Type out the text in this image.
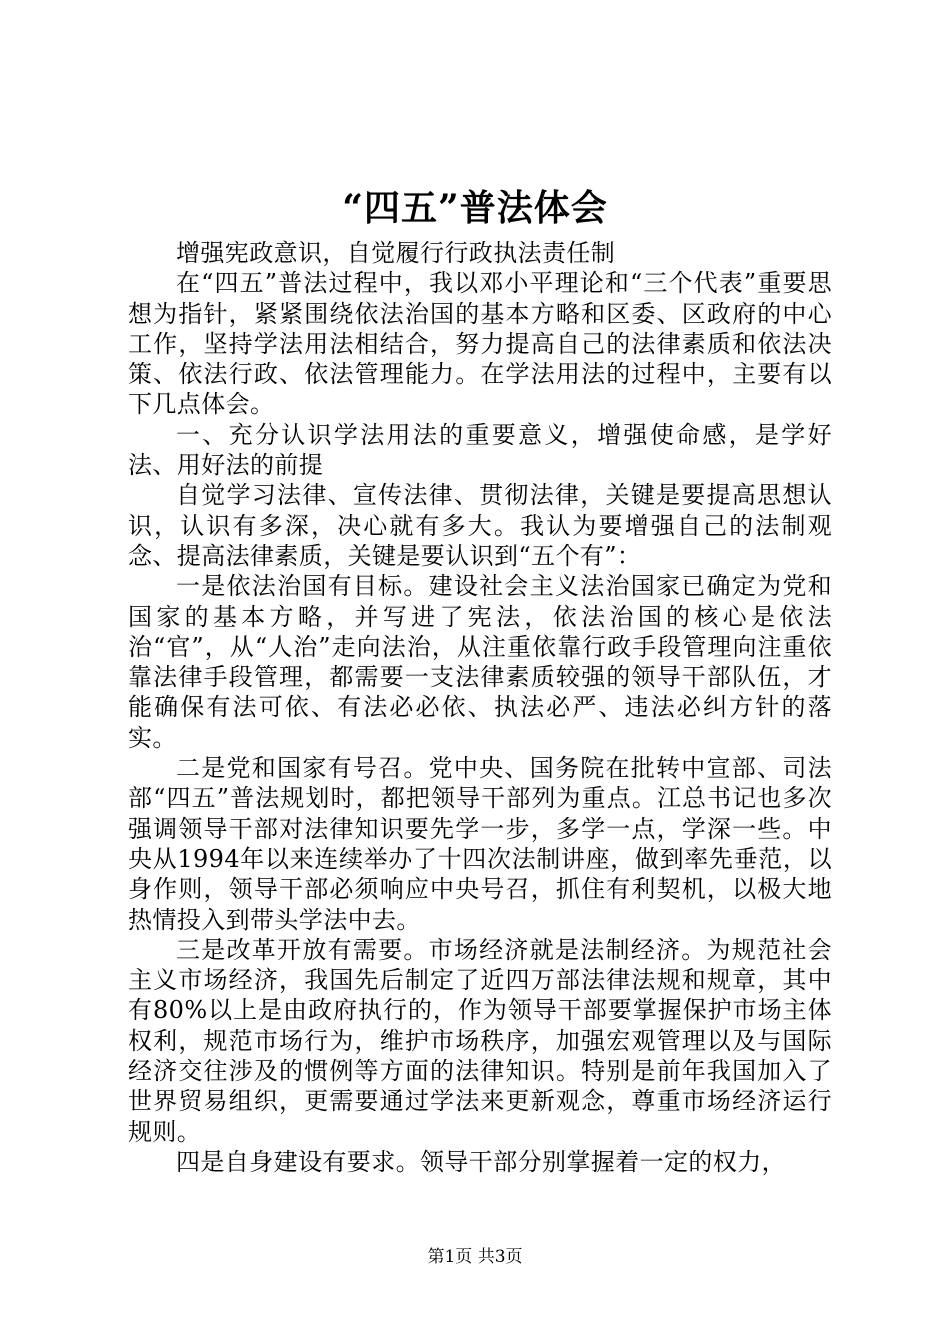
“四五”普法体会

增强宪政意识，自觉履行行政执法责任制

在“四五”普法过程中，我以邓小平理论和“三个代表”重要思想为指针，紧紧围绕依法治国的基本方略和区委、区政府的中心工作，坚持学法用法相结合，努力提高自己的法律素质和依法决策、依法行政、依法管理能力。在学法用法的过程中，主要有以下几点体会。

一、充分认识学法用法的重要意义，增强使命感，是学好法、用好法的前提

自觉学习法律、宣传法律、贯彻法律，关键是要提高思想认识，认识有多深，决心就有多大。我认为要增强自己的法制观念、提高法律素质，关键是要认识到“五个有”：

一是依法治国有目标。建设社会主义法治国家已确定为党和国家的基本方略，并写进了宪法，依法治国的核心是依法治“官”，从“人治”走向法治，从注重依靠行政手段管理向注重依靠法律手段管理，都需要一支法律素质较强的领导干部队伍，才能确保有法可依、有法必必依、执法必严、违法必纠方针的落实。

二是党和国家有号召。党中央、国务院在批转中宣部、司法部“四五”普法规划时，都把领导干部列为重点。江总书记也多次强调领导干部对法律知识要先学一步，多学一点，学深一些。中央从1994年以来连续举办了十四次法制讲座，做到率先垂范，以身作则，领导干部必须响应中央号召，抓住有利契机，以极大地热情投入到带头学法中去。

三是改革开放有需要。市场经济就是法制经济。为规范社会主义市场经济，我国先后制定了近四万部法律法规和规章，其中有80%以上是由政府执行的，作为领导干部要掌握保护市场主体权利，规范市场行为，维护市场秩序，加强宏观管理以及与国际经济交往涉及的惯例等方面的法律知识。特别是前年我国加入了世界贸易组织，更需要通过学法来更新观念，尊重市场经济运行规则。

四是自身建设有要求。领导干部分别掌握着一定的权力，

第1页 共3页
